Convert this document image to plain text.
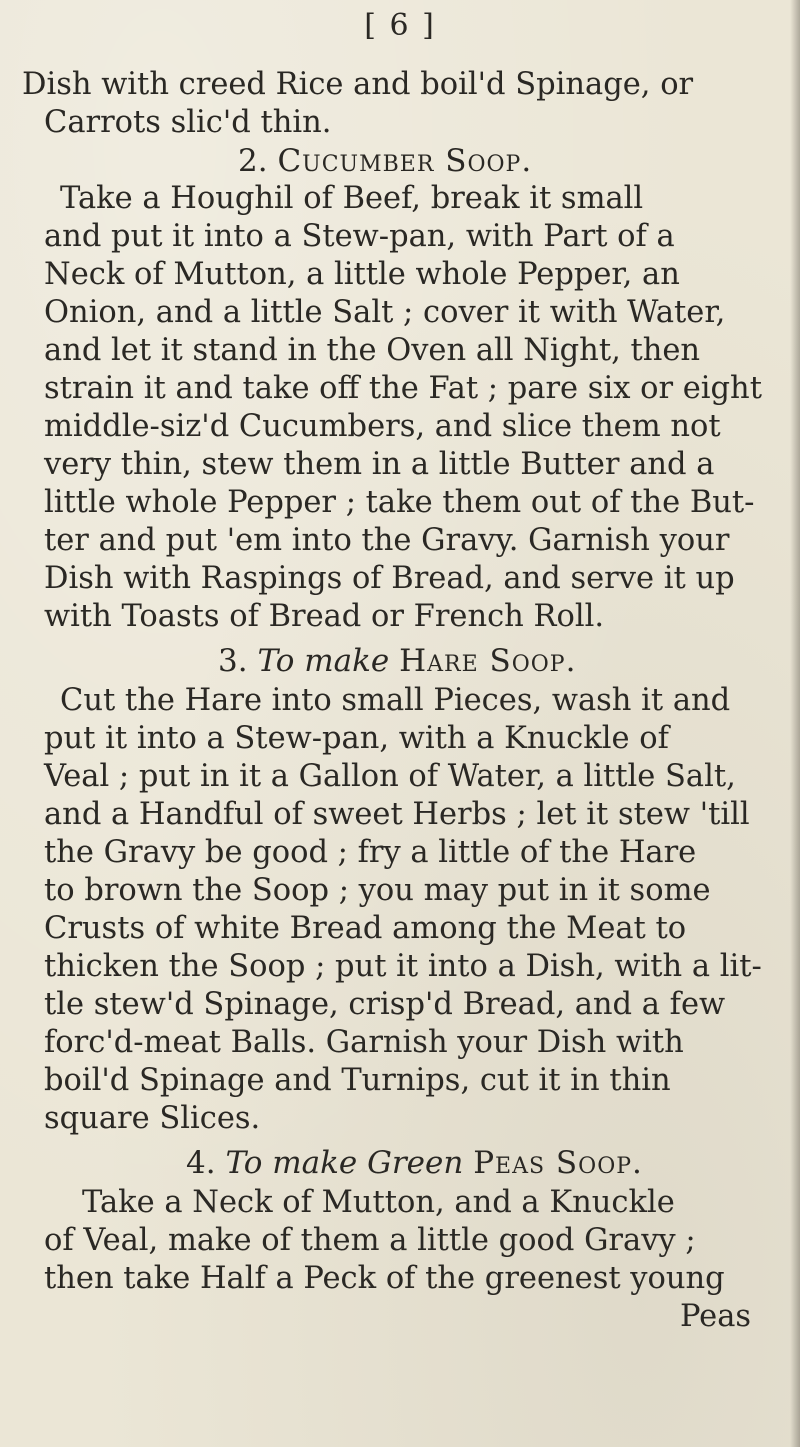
[ 6 ]
Dish with creed Rice and boil'd Spinage, or
Carrots slic'd thin.
2. Cucumber Soop.
Take a Houghil of Beef, break it small
and put it into a Stew-pan, with Part of a
Neck of Mutton, a little whole Pepper, an
Onion, and a little Salt ; cover it with Water,
and let it stand in the Oven all Night, then
strain it and take off the Fat ; pare six or eight
middle-siz'd Cucumbers, and slice them not
very thin, stew them in a little Butter and a
little whole Pepper ; take them out of the But-
ter and put 'em into the Gravy. Garnish your
Dish with Raspings of Bread, and serve it up
with Toasts of Bread or French Roll.
3. To make Hare Soop.
Cut the Hare into small Pieces, wash it and
put it into a Stew-pan, with a Knuckle of
Veal ; put in it a Gallon of Water, a little Salt,
and a Handful of sweet Herbs ; let it stew 'till
the Gravy be good ; fry a little of the Hare
to brown the Soop ; you may put in it some
Crusts of white Bread among the Meat to
thicken the Soop ; put it into a Dish, with a lit-
tle stew'd Spinage, crisp'd Bread, and a few
forc'd-meat Balls. Garnish your Dish with
boil'd Spinage and Turnips, cut it in thin
square Slices.
4. To make Green Peas Soop.
Take a Neck of Mutton, and a Knuckle
of Veal, make of them a little good Gravy ;
then take Half a Peck of the greenest young
Peas
